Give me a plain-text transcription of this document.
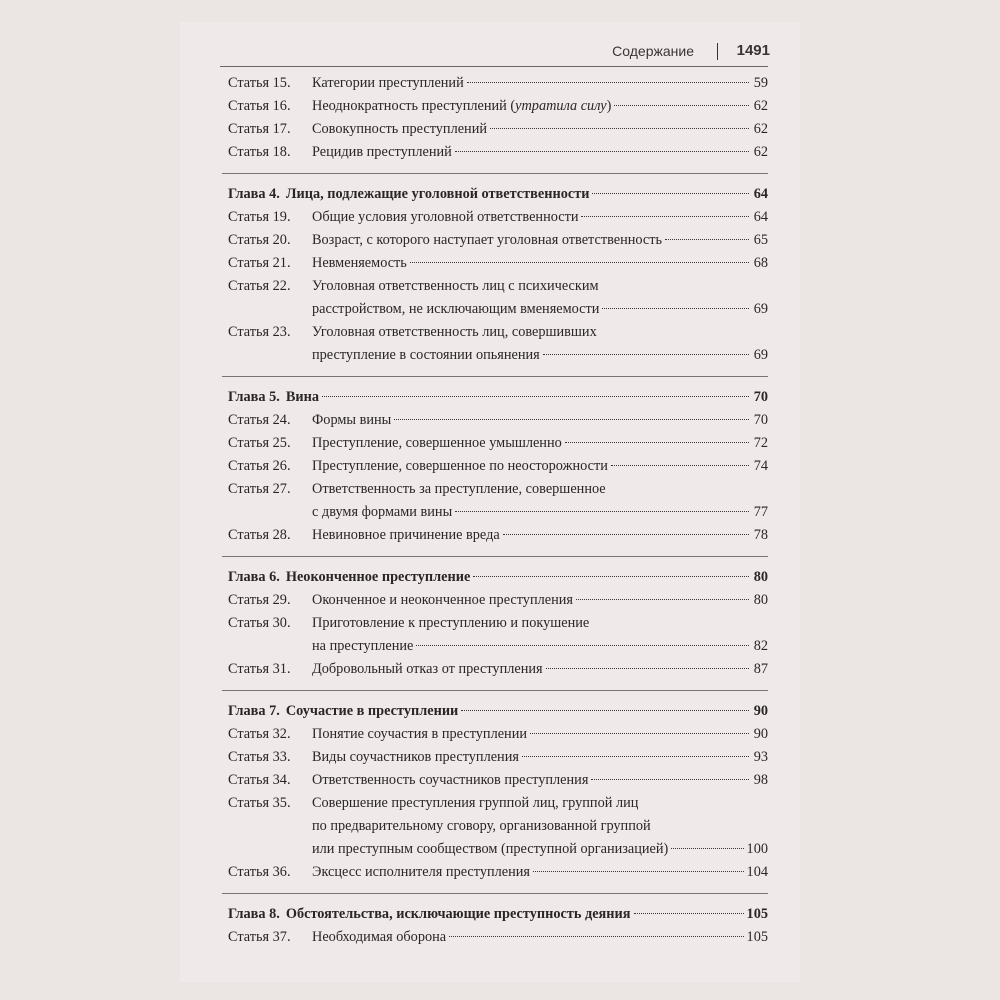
Содержание	1491
Статья 15. Категории преступлений	59
Статья 16. Неоднократность преступлений (утратила силу)	62
Статья 17. Совокупность преступлений	62
Статья 18. Рецидив преступлений	62
Глава 4. Лица, подлежащие уголовной ответственности	64
Статья 19. Общие условия уголовной ответственности	64
Статья 20. Возраст, с которого наступает уголовная ответственность	65
Статья 21. Невменяемость	68
Статья 22. Уголовная ответственность лиц с психическим
расстройством, не исключающим вменяемости	69
Статья 23. Уголовная ответственность лиц, совершивших
преступление в состоянии опьянения	69
Глава 5. Вина	70
Статья 24. Формы вины	70
Статья 25. Преступление, совершенное умышленно	72
Статья 26. Преступление, совершенное по неосторожности	74
Статья 27. Ответственность за преступление, совершенное
с двумя формами вины	77
Статья 28. Невиновное причинение вреда	78
Глава 6. Неоконченное преступление	80
Статья 29. Оконченное и неоконченное преступления	80
Статья 30. Приготовление к преступлению и покушение
на преступление	82
Статья 31. Добровольный отказ от преступления	87
Глава 7. Соучастие в преступлении	90
Статья 32. Понятие соучастия в преступлении	90
Статья 33. Виды соучастников преступления	93
Статья 34. Ответственность соучастников преступления	98
Статья 35. Совершение преступления группой лиц, группой лиц
по предварительному сговору, организованной группой
или преступным сообществом (преступной организацией)	100
Статья 36. Эксцесс исполнителя преступления	104
Глава 8. Обстоятельства, исключающие преступность деяния	105
Статья 37. Необходимая оборона	105
